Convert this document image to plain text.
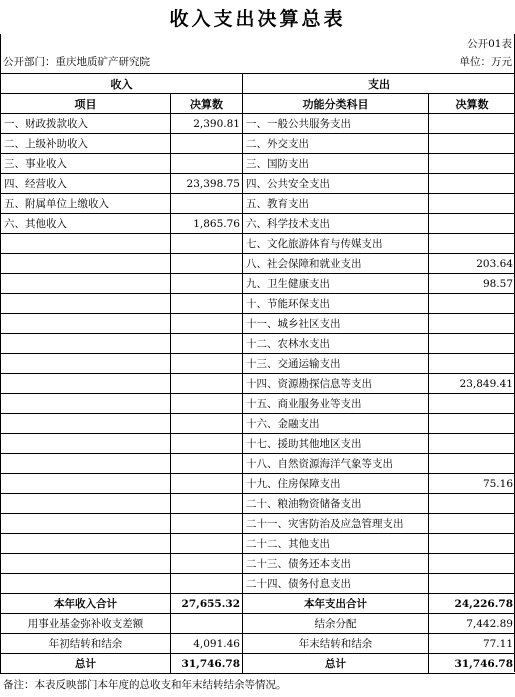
收入支出决算总表
	公开01表
公开部门：重庆地质矿产研究院	单位：万元
收入		支出	
项目	决算数	功能分类科目	决算数
一、财政拨款收入	2,390.81	一、一般公共服务支出	
二、上级补助收入		二、外交支出	
三、事业收入		三、国防支出	
四、经营收入	23,398.75	四、公共安全支出	
五、附属单位上缴收入		五、教育支出	
六、其他收入	1,865.76	六、科学技术支出	
		七、文化旅游体育与传媒支出	
		八、社会保障和就业支出	203.64
		九、卫生健康支出	98.57
		十、节能环保支出	
		十一、城乡社区支出	
		十二、农林水支出	
		十三、交通运输支出	
		十四、资源勘探信息等支出	23,849.41
		十五、商业服务业等支出	
		十六、金融支出	
		十七、援助其他地区支出	
		十八、自然资源海洋气象等支出	
		十九、住房保障支出	75.16
		二十、粮油物资储备支出	
		二十一、灾害防治及应急管理支出	
		二十二、其他支出	
		二十三、债务还本支出	
		二十四、债务付息支出	
本年收入合计	27,655.32	本年支出合计	24,226.78
用事业基金弥补收支差额		结余分配	7,442.89
年初结转和结余	4,091.46	年末结转和结余	77.11
总计	31,746.78	总计	31,746.78
备注：本表反映部门本年度的总收支和年末结转结余等情况。
